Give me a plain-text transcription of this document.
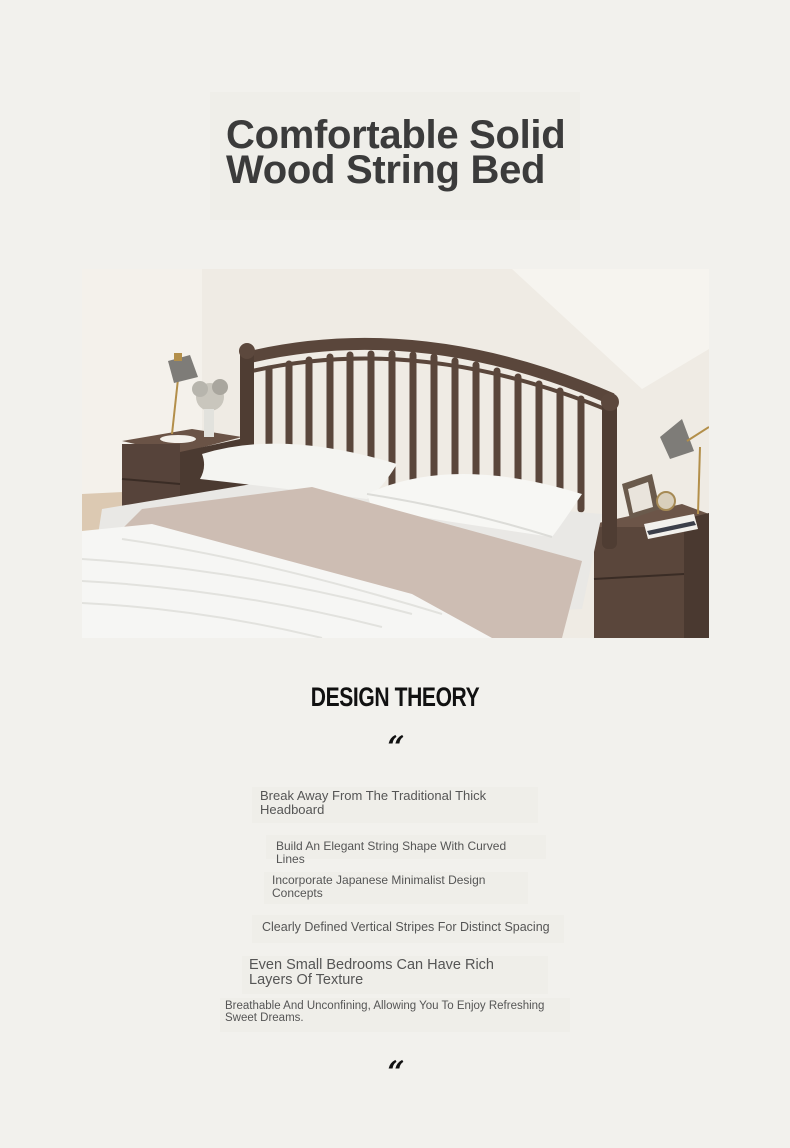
Comfortable Solid
Wood String Bed
DESIGN THEORY
“
Break Away From The Traditional Thick
Headboard
Build An Elegant String Shape With Curved Lines
Incorporate Japanese Minimalist Design
Concepts
Clearly Defined Vertical Stripes For Distinct Spacing
Even Small Bedrooms Can Have Rich
Layers Of Texture
Breathable And Unconfining, Allowing You To Enjoy Refreshing
Sweet Dreams.
“
